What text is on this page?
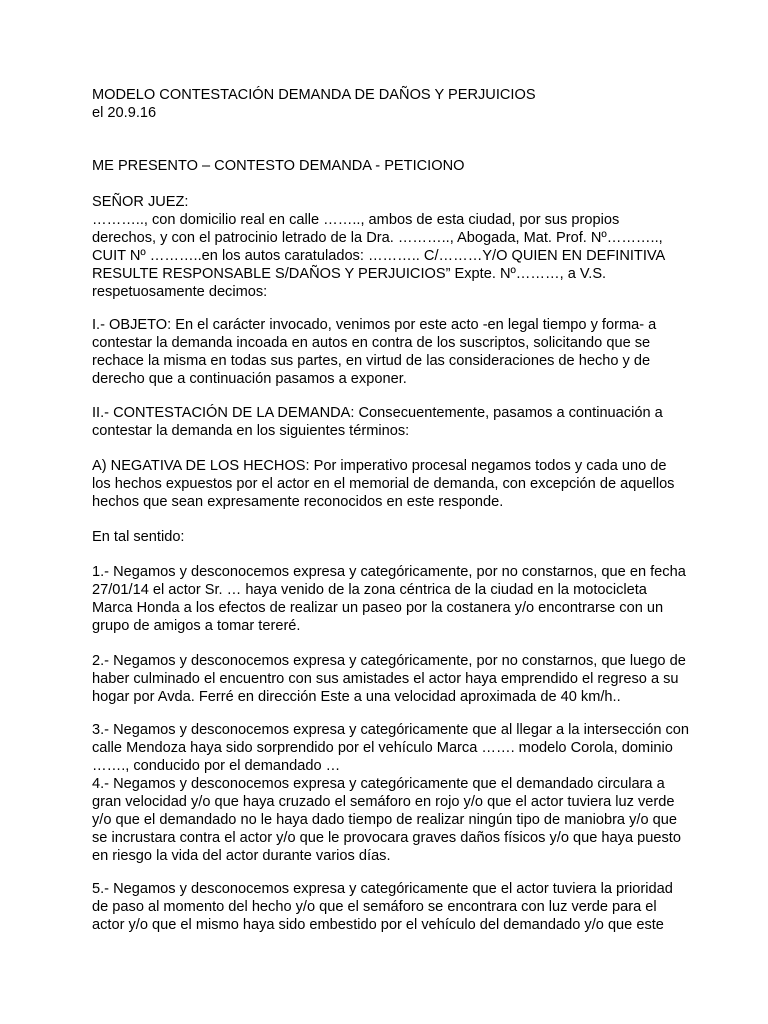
MODELO CONTESTACIÓN DEMANDA DE DAÑOS Y PERJUICIOS
el 20.9.16

ME PRESENTO – CONTESTO DEMANDA - PETICIONO

SEÑOR JUEZ:
……….., con domicilio real en calle …….., ambos de esta ciudad, por sus propios
derechos, y con el patrocinio letrado de la Dra. ……….., Abogada, Mat. Prof. Nº………..,
CUIT Nº ………..en los autos caratulados: ……….. C/………Y/O QUIEN EN DEFINITIVA
RESULTE RESPONSABLE S/DAÑOS Y PERJUICIOS” Expte. Nº………, a V.S.
respetuosamente decimos:

I.- OBJETO: En el carácter invocado, venimos por este acto -en legal tiempo y forma- a
contestar la demanda incoada en autos en contra de los suscriptos, solicitando que se
rechace la misma en todas sus partes, en virtud de las consideraciones de hecho y de
derecho que a continuación pasamos a exponer.

II.- CONTESTACIÓN DE LA DEMANDA: Consecuentemente, pasamos a continuación a
contestar la demanda en los siguientes términos:

A) NEGATIVA DE LOS HECHOS: Por imperativo procesal negamos todos y cada uno de
los hechos expuestos por el actor en el memorial de demanda, con excepción de aquellos
hechos que sean expresamente reconocidos en este responde.

En tal sentido:

1.- Negamos y desconocemos expresa y categóricamente, por no constarnos, que en fecha
27/01/14 el actor Sr. … haya venido de la zona céntrica de la ciudad en la motocicleta
Marca Honda a los efectos de realizar un paseo por la costanera y/o encontrarse con un
grupo de amigos a tomar tereré.

2.- Negamos y desconocemos expresa y categóricamente, por no constarnos, que luego de
haber culminado el encuentro con sus amistades el actor haya emprendido el regreso a su
hogar por Avda. Ferré en dirección Este a una velocidad aproximada de 40 km/h..

3.- Negamos y desconocemos expresa y categóricamente que al llegar a la intersección con
calle Mendoza haya sido sorprendido por el vehículo Marca ……. modelo Corola, dominio
……., conducido por el demandado …
4.- Negamos y desconocemos expresa y categóricamente que el demandado circulara a
gran velocidad y/o que haya cruzado el semáforo en rojo y/o que el actor tuviera luz verde
y/o que el demandado no le haya dado tiempo de realizar ningún tipo de maniobra y/o que
se incrustara contra el actor y/o que le provocara graves daños físicos y/o que haya puesto
en riesgo la vida del actor durante varios días.

5.- Negamos y desconocemos expresa y categóricamente que el actor tuviera la prioridad
de paso al momento del hecho y/o que el semáforo se encontrara con luz verde para el
actor y/o que el mismo haya sido embestido por el vehículo del demandado y/o que este
